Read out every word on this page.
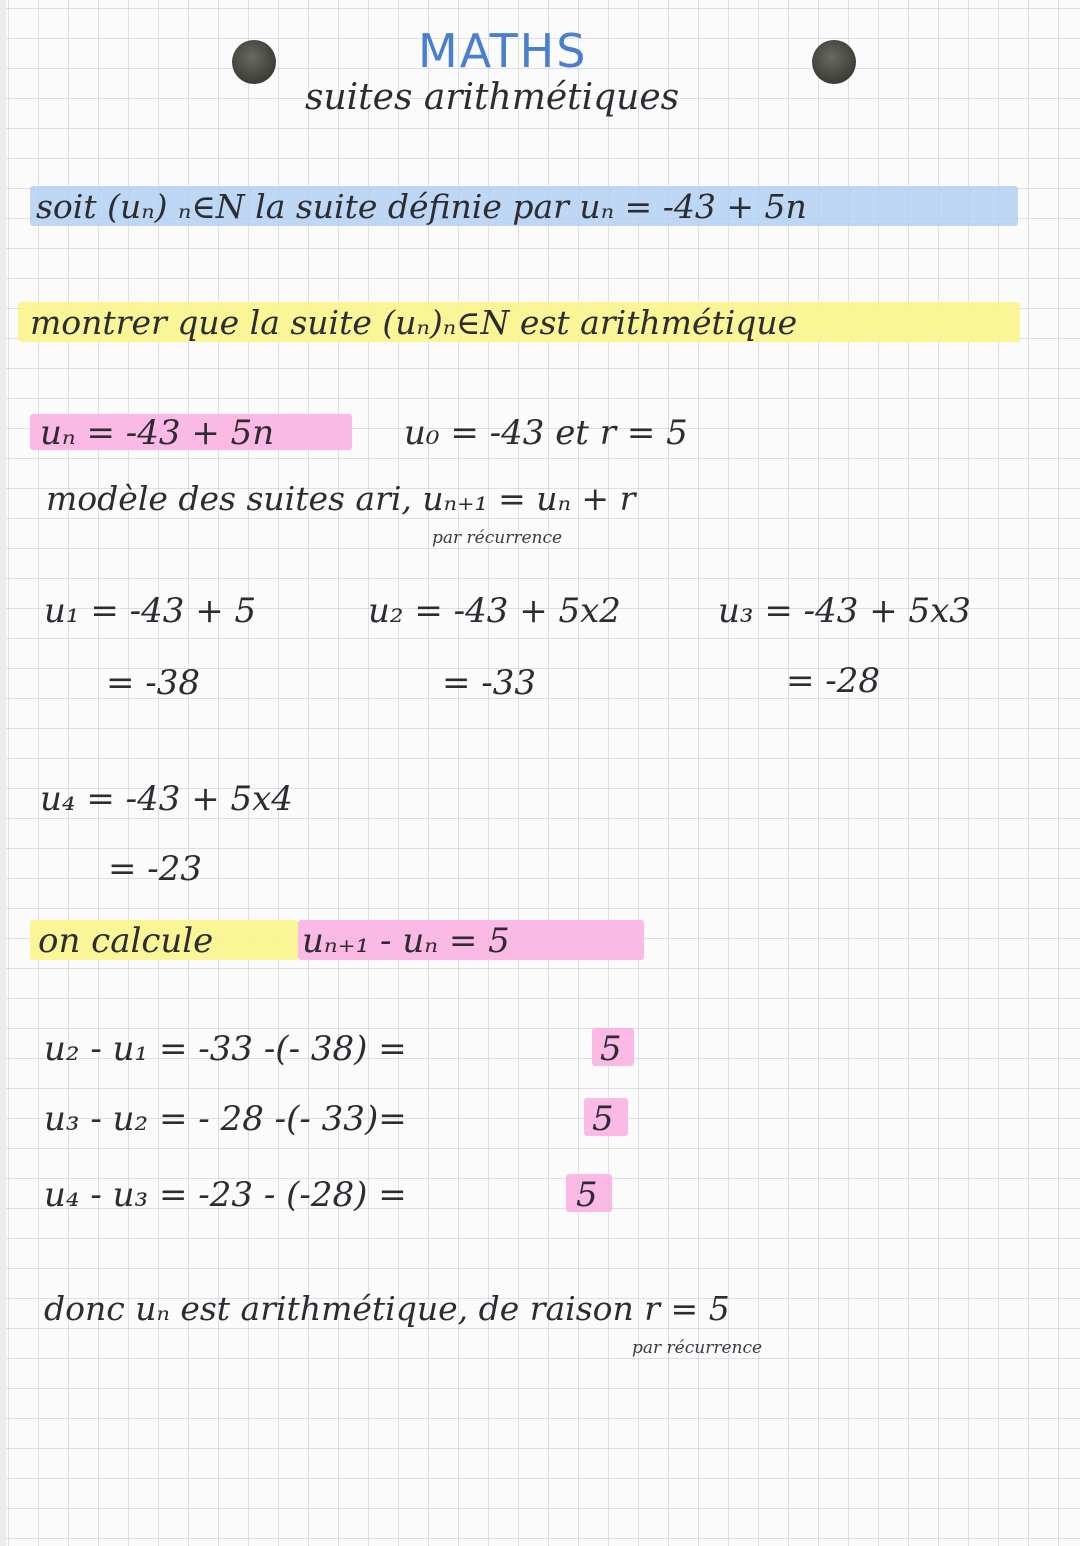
MATHS
suites arithmétiques
soit (uₙ) ₙ∈N la suite définie par uₙ = -43 + 5n
montrer que la suite (uₙ)ₙ∈N est arithmétique
uₙ = -43 + 5n	u₀ = -43 et r = 5
modèle des suites ari, uₙ₊₁ = uₙ + r
par récurrence
u₁ = -43 + 5
= -38
u₂ = -43 + 5x2
= -33
u₃ = -43 + 5x3
= -28
u₄ = -43 + 5x4
= -23
on calcule	uₙ₊₁ - uₙ = 5
u₂ - u₁ = -33 -(- 38) =	5
u₃ - u₂ = - 28 -(- 33)=	5
u₄ - u₃ = -23 - (-28) =	5
donc uₙ est arithmétique, de raison r = 5
par récurrence
